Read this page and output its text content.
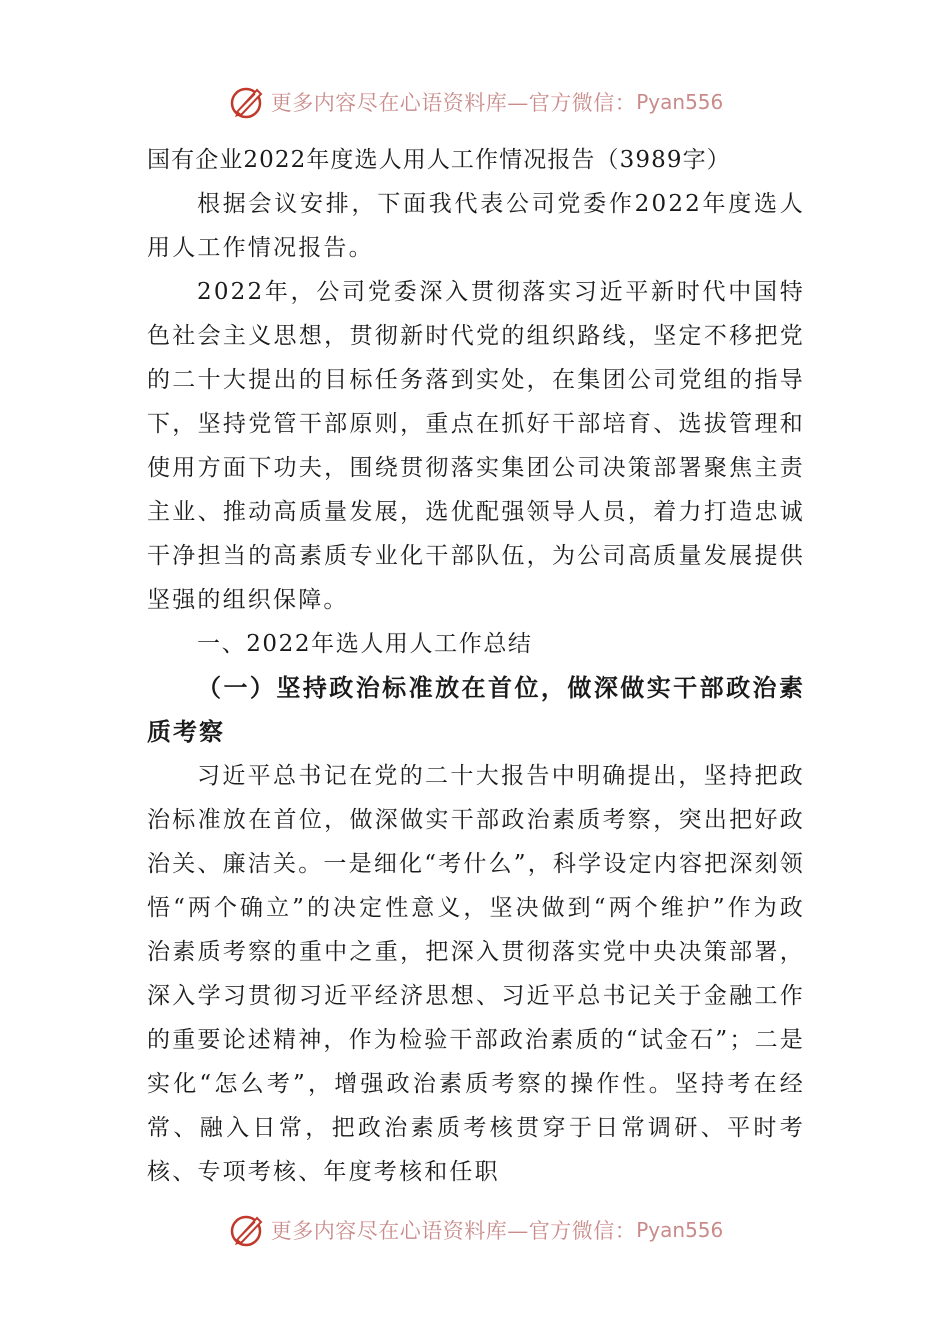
更多内容尽在心语资料库—官方微信： Pyan556

国有企业2022年度选人用人工作情况报告（3989字）

根据会议安排，下面我代表公司党委作2022年度选人用人工作情况报告。

2022年，公司党委深入贯彻落实习近平新时代中国特色社会主义思想，贯彻新时代党的组织路线，坚定不移把党的二十大提出的目标任务落到实处，在集团公司党组的指导下，坚持党管干部原则，重点在抓好干部培育、选拔管理和使用方面下功夫，围绕贯彻落实集团公司决策部署聚焦主责主业、推动高质量发展，选优配强领导人员，着力打造忠诚干净担当的高素质专业化干部队伍，为公司高质量发展提供坚强的组织保障。

一、2022年选人用人工作总结

（一）坚持政治标准放在首位，做深做实干部政治素质考察

习近平总书记在党的二十大报告中明确提出，坚持把政治标准放在首位，做深做实干部政治素质考察，突出把好政治关、廉洁关。一是细化“考什么”，科学设定内容把深刻领悟“两个确立”的决定性意义，坚决做到“两个维护”作为政治素质考察的重中之重，把深入贯彻落实党中央决策部署，深入学习贯彻习近平经济思想、习近平总书记关于金融工作的重要论述精神，作为检验干部政治素质的“试金石”；二是实化“怎么考”，增强政治素质考察的操作性。坚持考在经常、融入日常，把政治素质考核贯穿于日常调研、平时考核、专项考核、年度考核和任职

更多内容尽在心语资料库—官方微信： Pyan556
